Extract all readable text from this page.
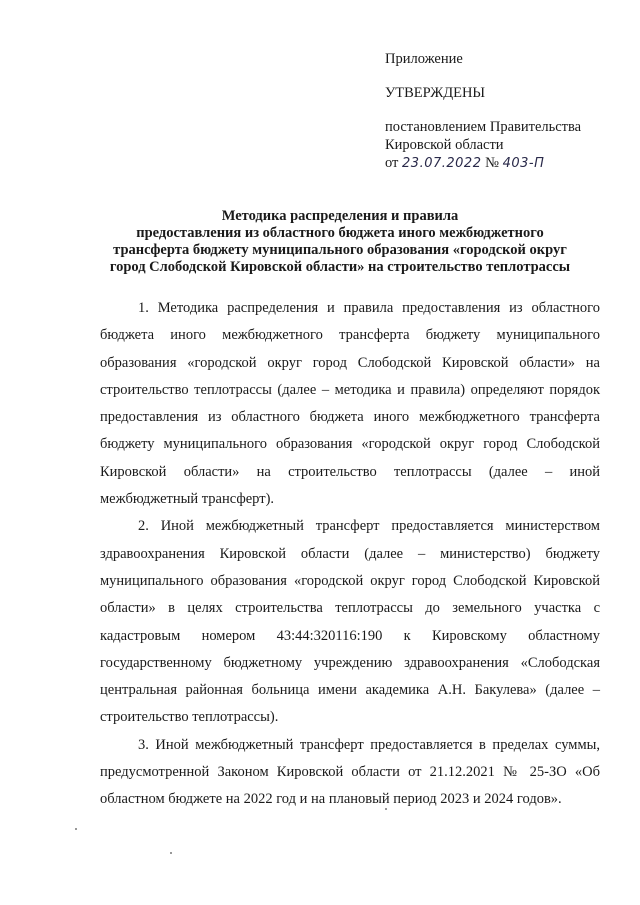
Приложение
УТВЕРЖДЕНЫ
постановлением Правительства
Кировской области
от 23.07.2022 № 403-П
Методика распределения и правила
предоставления из областного бюджета иного межбюджетного
трансферта бюджету муниципального образования «городской округ
город Слободской Кировской области» на строительство теплотрассы

1. Методика распределения и правила предоставления из областного бюджета иного межбюджетного трансферта бюджету муниципального образования «городской округ город Слободской Кировской области» на строительство теплотрассы (далее – методика и правила) определяют порядок предоставления из областного бюджета иного межбюджетного трансферта бюджету муниципального образования «городской округ город Слободской Кировской области» на строительство теплотрассы (далее – иной межбюджетный трансферт).

2. Иной межбюджетный трансферт предоставляется министерством здравоохранения Кировской области (далее – министерство) бюджету муниципального образования «городской округ город Слободской Кировской области» в целях строительства теплотрассы до земельного участка с кадастровым номером 43:44:320116:190 к Кировскому областному государственному бюджетному учреждению здравоохранения «Слободская центральная районная больница имени академика А.Н. Бакулева» (далее – строительство теплотрассы).

3. Иной межбюджетный трансферт предоставляется в пределах суммы, предусмотренной Законом Кировской области от 21.12.2021 № 25-ЗО «Об областном бюджете на 2022 год и на плановый период 2023 и 2024 годов».
